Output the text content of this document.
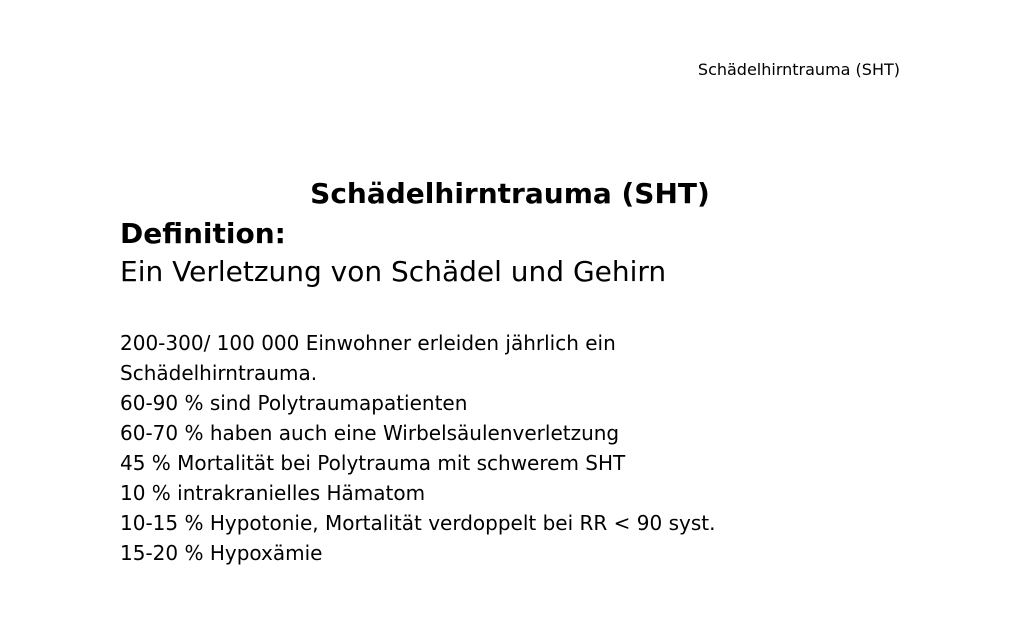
Schädelhirntrauma (SHT)
Schädelhirntrauma (SHT)

Definition:

Ein Verletzung von Schädel und Gehirn

200-300/ 100 000 Einwohner erleiden jährlich ein Schädelhirntrauma.
60-90 % sind Polytraumapatienten
60-70 % haben auch eine Wirbelsäulenverletzung
45 % Mortalität bei Polytrauma mit schwerem SHT
10 % intrakranielles Hämatom
10-15 % Hypotonie, Mortalität verdoppelt bei RR < 90 syst.
15-20 % Hypoxämie
